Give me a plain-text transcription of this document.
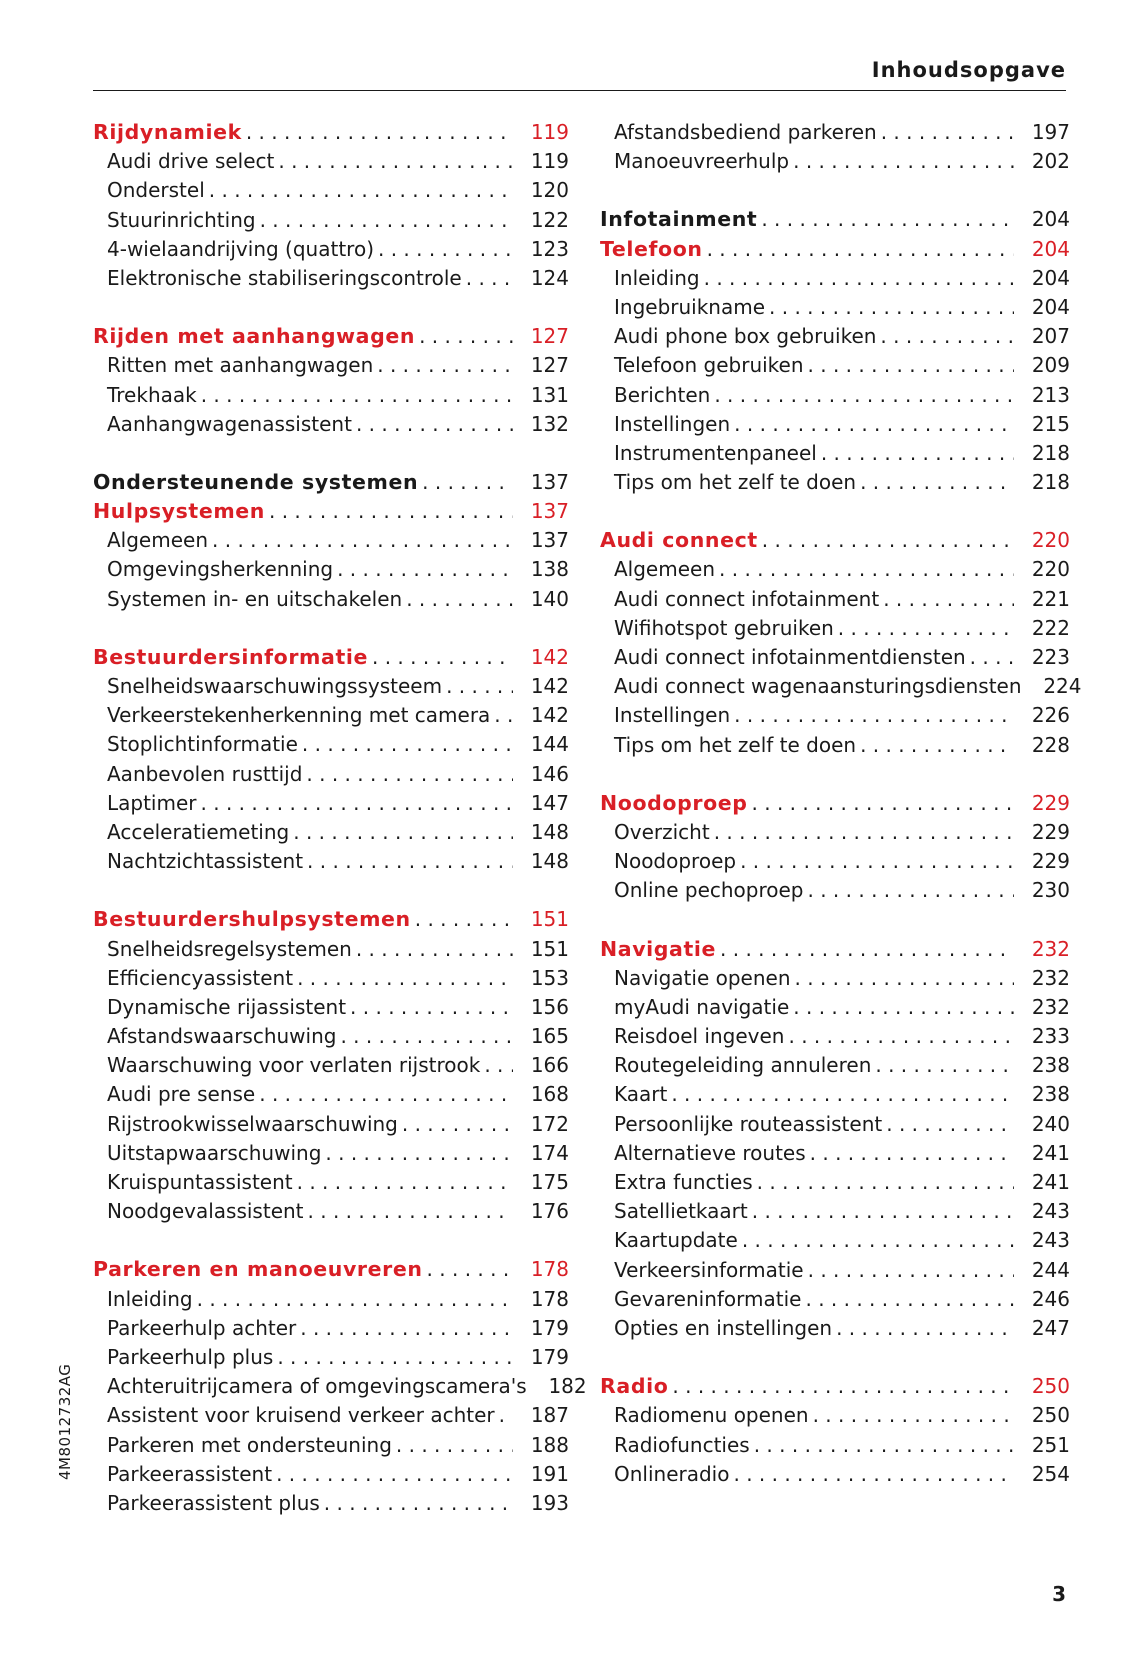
Inhoudsopgave
Rijdynamiek . . .	119
Audi drive select . . .	119
Onderstel . . .	120
Stuurinrichting . . .	122
4-wielaandrijving (quattro) . . .	123
Elektronische stabiliseringscontrole . . .	124
Rijden met aanhangwagen . . .	127
Ritten met aanhangwagen . . .	127
Trekhaak . . .	131
Aanhangwagenassistent . . .	132
Ondersteunende systemen . . .	137
Hulpsystemen . . .	137
Algemeen . . .	137
Omgevingsherkenning . . .	138
Systemen in- en uitschakelen . . .	140
Bestuurdersinformatie . . .	142
Snelheidswaarschuwingssysteem . . .	142
Verkeerstekenherkenning met camera . . .	142
Stoplichtinformatie . . .	144
Aanbevolen rusttijd . . .	146
Laptimer . . .	147
Acceleratiemeting . . .	148
Nachtzichtassistent . . .	148
Bestuurdershulpsystemen . . .	151
Snelheidsregelsystemen . . .	151
Efficiencyassistent . . .	153
Dynamische rijassistent . . .	156
Afstandswaarschuwing . . .	165
Waarschuwing voor verlaten rijstrook . . .	166
Audi pre sense . . .	168
Rijstrookwisselwaarschuwing . . .	172
Uitstapwaarschuwing . . .	174
Kruispuntassistent . . .	175
Noodgevalassistent . . .	176
Parkeren en manoeuvreren . . .	178
Inleiding . . .	178
Parkeerhulp achter . . .	179
Parkeerhulp plus . . .	179
Achteruitrijcamera of omgevingscamera's	182
Assistent voor kruisend verkeer achter . . .	187
Parkeren met ondersteuning . . .	188
Parkeerassistent . . .	191
Parkeerassistent plus . . .	193
Afstandsbediend parkeren . . .	197
Manoeuvreerhulp . . .	202
Infotainment . . .	204
Telefoon . . .	204
Inleiding . . .	204
Ingebruikname . . .	204
Audi phone box gebruiken . . .	207
Telefoon gebruiken . . .	209
Berichten . . .	213
Instellingen . . .	215
Instrumentenpaneel . . .	218
Tips om het zelf te doen . . .	218
Audi connect . . .	220
Algemeen . . .	220
Audi connect infotainment . . .	221
Wifihotspot gebruiken . . .	222
Audi connect infotainmentdiensten . . .	223
Audi connect wagenaansturingsdiensten	224
Instellingen . . .	226
Tips om het zelf te doen . . .	228
Noodoproep . . .	229
Overzicht . . .	229
Noodoproep . . .	229
Online pechoproep . . .	230
Navigatie . . .	232
Navigatie openen . . .	232
myAudi navigatie . . .	232
Reisdoel ingeven . . .	233
Routegeleiding annuleren . . .	238
Kaart . . .	238
Persoonlijke routeassistent . . .	240
Alternatieve routes . . .	241
Extra functies . . .	241
Satellietkaart . . .	243
Kaartupdate . . .	243
Verkeersinformatie . . .	244
Gevareninformatie . . .	246
Opties en instellingen . . .	247
Radio . . .	250
Radiomenu openen . . .	250
Radiofuncties . . .	251
Onlineradio . . .	254
4M8012732AG
3
